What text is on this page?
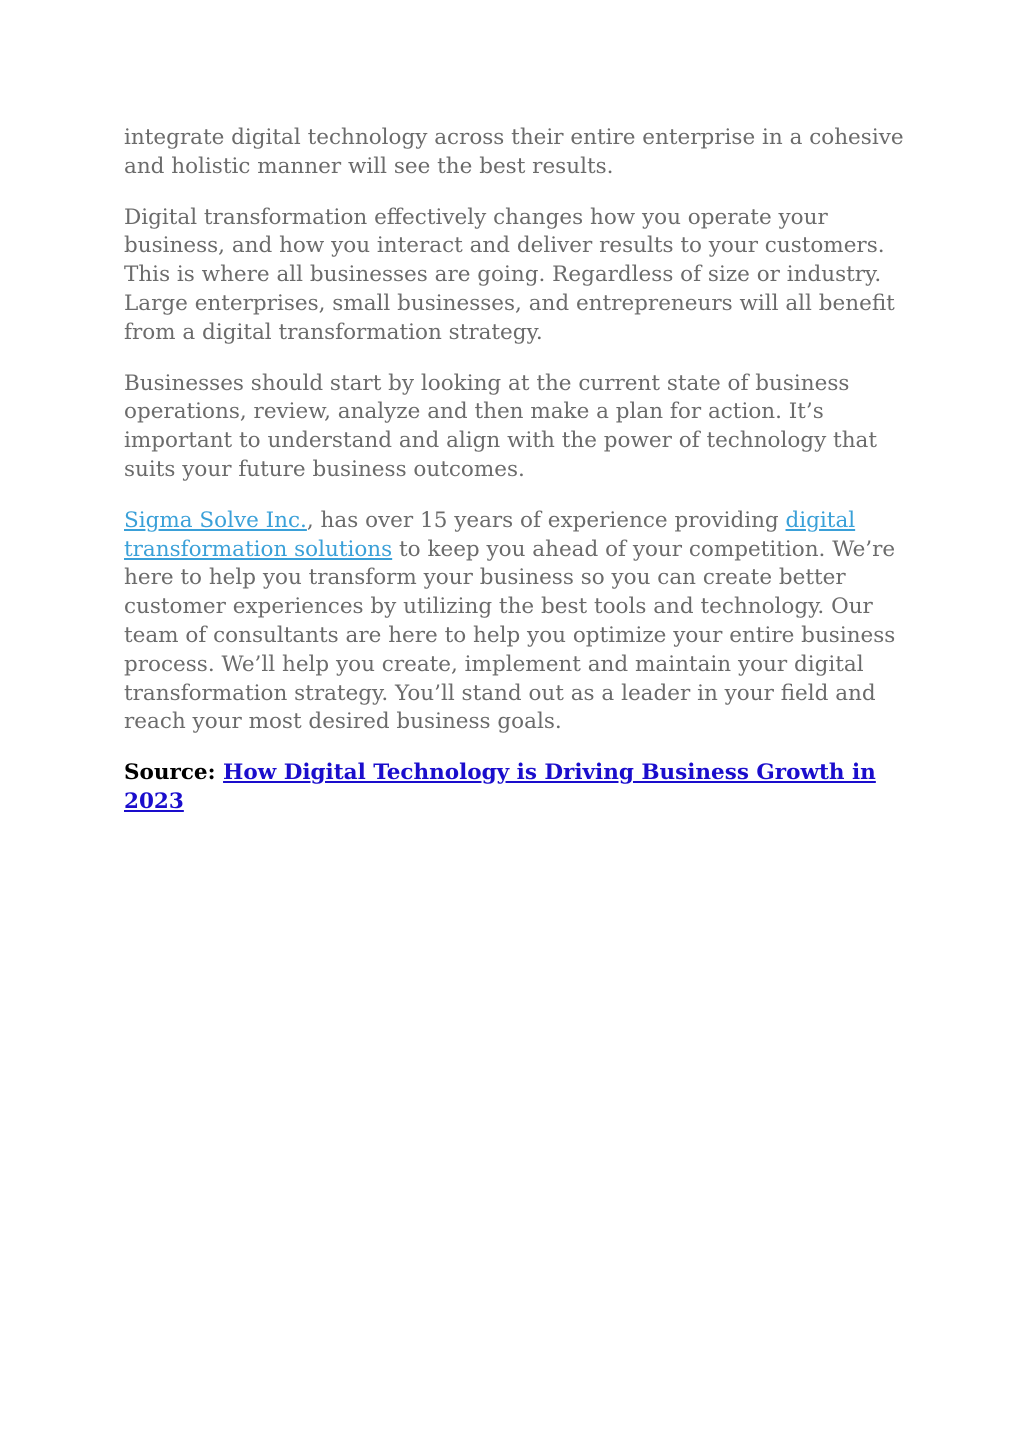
integrate digital technology across their entire enterprise in a cohesive and holistic manner will see the best results.

Digital transformation effectively changes how you operate your business, and how you interact and deliver results to your customers. This is where all businesses are going. Regardless of size or industry. Large enterprises, small businesses, and entrepreneurs will all benefit from a digital transformation strategy.

Businesses should start by looking at the current state of business operations, review, analyze and then make a plan for action. It’s important to understand and align with the power of technology that suits your future business outcomes.

Sigma Solve Inc., has over 15 years of experience providing digital transformation solutions to keep you ahead of your competition. We’re here to help you transform your business so you can create better customer experiences by utilizing the best tools and technology. Our team of consultants are here to help you optimize your entire business process. We’ll help you create, implement and maintain your digital transformation strategy. You’ll stand out as a leader in your field and reach your most desired business goals.

Source: How Digital Technology is Driving Business Growth in 2023
